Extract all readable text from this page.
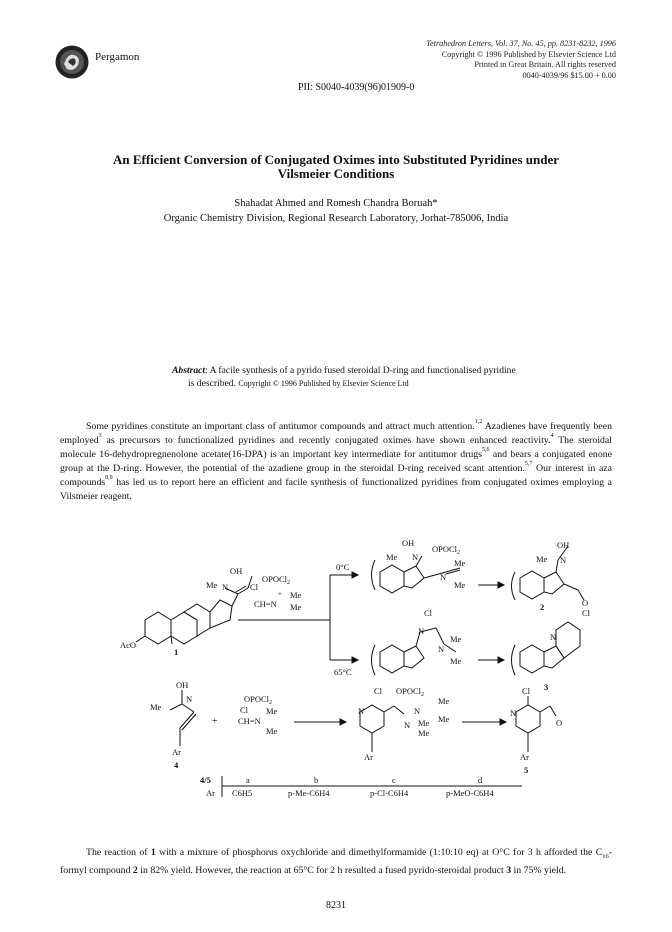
Pergamon
Tetrahedron Letters, Vol. 37, No. 45, pp. 8231-8232, 1996
Copyright © 1996 Published by Elsevier Science Ltd
Printed in Great Britain. All rights reserved
0040-4039/96 $15.00 + 0.00
PII: S0040-4039(96)01909-0
An Efficient Conversion of Conjugated Oximes into Substituted Pyridines under
Vilsmeier Conditions
Shahadat Ahmed and Romesh Chandra Boruah*
Organic Chemistry Division, Regional Research Laboratory, Jorhat-785006, India
Abstract: A facile synthesis of a pyrido fused steroidal D-ring and functionalised pyridine
is described. Copyright © 1996 Published by Elsevier Science Ltd

Some pyridines constitute an important class of antitumor compounds and attract much attention.$^{1,2}$ Azadienes have frequently been employed$^3$ as precursors to functionalized pyridines and recently conjugated oximes have shown enhanced reactivity.$^4$ The steroidal molecule 16-dehydropregnenolone acetate(16-DPA) is an important key intermediate for antitumor drugs$^{5,6}$ and bears a conjugated enone group at the D-ring. However, the potential of the azadiene group in the steroidal D-ring received scant attention.$^{5,7}$ Our interest in aza compounds$^{8,9}$ has led us to report here an efficient and facile synthesis of functionalized pyridines from conjugated oximes employing a Vilsmeier reagent.

OH
Me N	Cl
OPOCl$_2$
+ Me
CH=N Me
AcO
1
0°C
65°C
OH
Me N
OPOCl$_2$
Me
N
Me
OH
Me N
O
2
Cl
N
Me
N
Me
Cl
N
3
OH
Me
N
Ar
4
+
OPOCl$_2$
Cl Me
CH=N
Me
Cl OPOCl$_2$
Me
N
Me
N Me
Me
N
Ar
Cl
N
O
Ar
5
4/5
Ar
a	b	c	d
C6H5	p-Me-C6H4	p-Cl-C6H4	p-MeO-C6H4

The reaction of 1 with a mixture of phosphorus oxychloride and dimethylformamide (1:10:10 eq) at O°C for 3 h afforded the $C_{16}$-formyl compound 2 in 82% yield. However, the reaction at 65°C for 2 h resulted a fused pyrido-steroidal product 3 in 75% yield.

8231
